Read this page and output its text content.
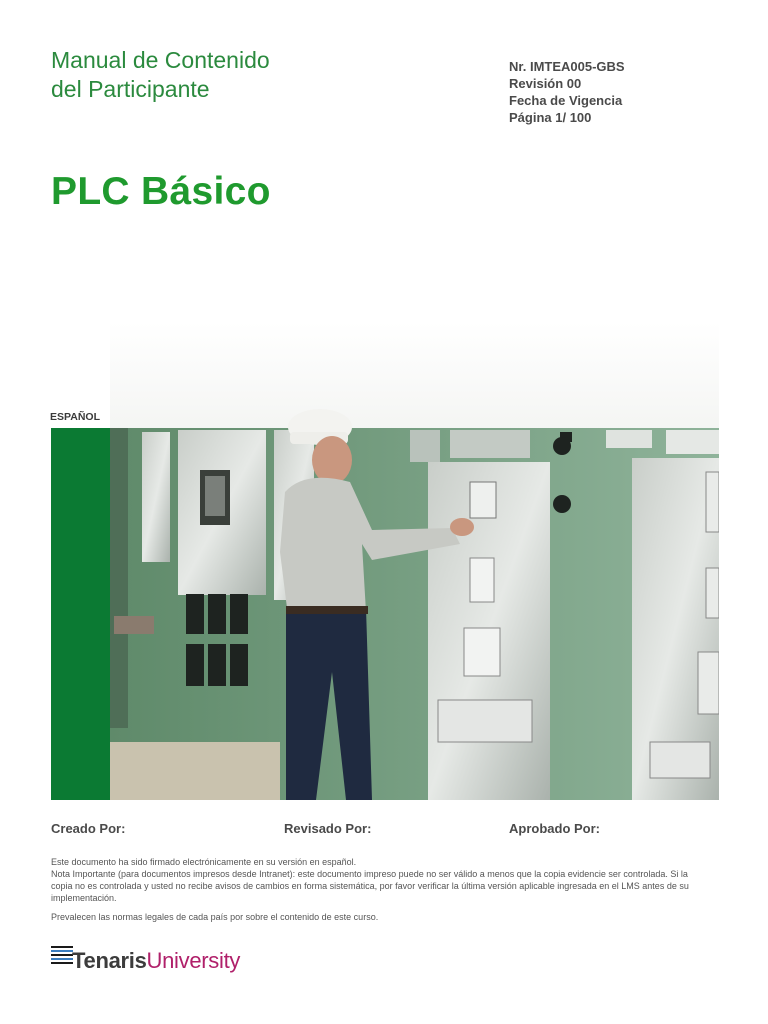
Manual de Contenido
del Participante
Nr. IMTEA005-GBS
Revisión 00
Fecha de Vigencia
Página 1/ 100
PLC Básico
ESPAÑOL
Creado Por:	Revisado Por:	Aprobado Por:

Este documento ha sido firmado electrónicamente en su versión en español.

Nota Importante (para documentos impresos desde Intranet): este documento impreso puede no ser válido a menos que la copia evidencie ser controlada. Si la copia no es controlada y usted no recibe avisos de cambios en forma sistemática, por favor verificar la última versión aplicable ingresada en el LMS antes de su implementación.

Prevalecen las normas legales de cada país por sobre el contenido de este curso.

TenarisUniversity
